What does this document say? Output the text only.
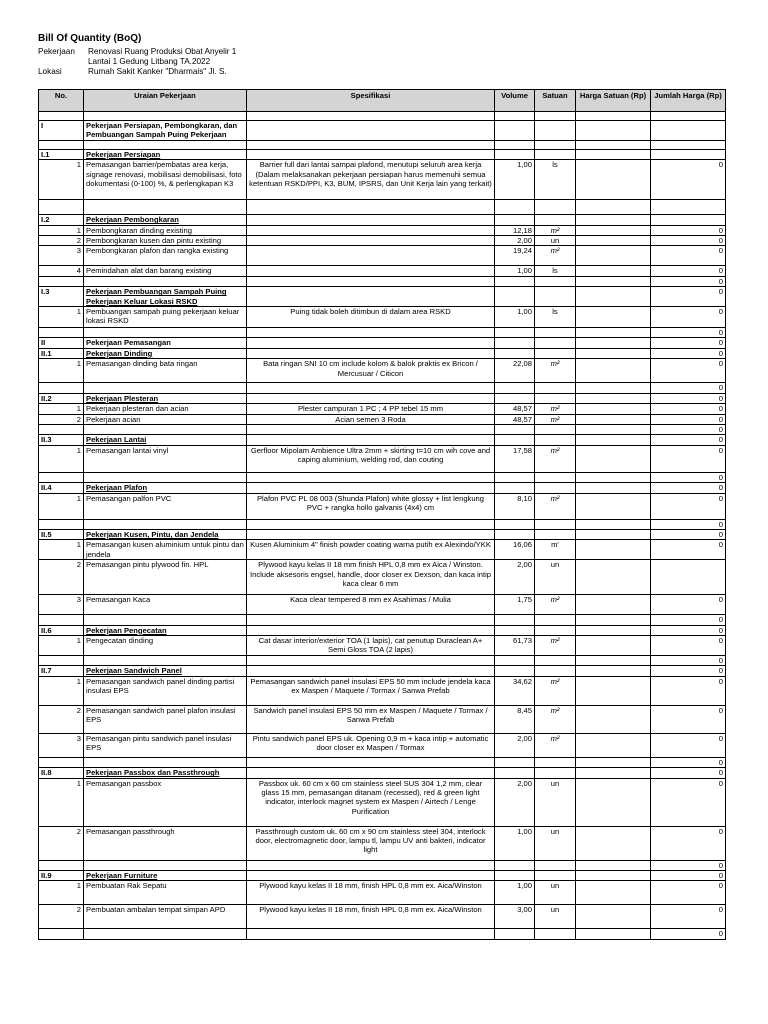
Bill Of Quantity (BoQ)
Pekerjaan	Renovasi Ruang Produksi Obat Anyelir 1
Lantai 1 Gedung Litbang TA.2022
Lokasi	Rumah Sakit Kanker "Dharmais" Jl. S.
No.	Uraian Pekerjaan	Spesifikasi	Volume	Satuan	Harga Satuan (Rp)	Jumlah Harga (Rp)

I	Pekerjaan Persiapan, Pembongkaran, dan Pembuangan Sampah Puing Pekerjaan					

I.1	Pekerjaan Persiapan					
1	Pemasangan barrier/pembatas area kerja, signage renovasi, mobilisasi demobilisasi, foto dokumentasi (0-100) %, & perlengkapan K3	Barrier full dari lantai sampai plafond, menutupi seluruh area kerja (Dalam melaksanakan pekerjaan persiapan harus memenuhi semua ketentuan RSKD/PPI, K3, BUM, IPSRS, dan Unit Kerja lain yang terkait)	1,00	ls		0

I.2	Pekerjaan Pembongkaran					
1	Pembongkaran dinding existing		12,18	m²		0
2	Pembongkaran kusen dan pintu existing		2,00	un		0
3	Pembongkaran plafon dan rangka existing		19,24	m²		0
4	Pemindahan alat dan barang existing		1,00	ls		0
						0
I.3	Pekerjaan Pembuangan Sampah Puing Pekerjaan Keluar Lokasi RSKD					0
1	Pembuangan sampah puing pekerjaan keluar lokasi RSKD	Puing tidak boleh ditimbun di dalam area RSKD	1,00	ls		0
						0
II	Pekerjaan Pemasangan					0
II.1	Pekerjaan Dinding					0
1	Pemasangan dinding bata ringan	Bata ringan SNI 10 cm include kolom & balok praktis ex Bricon / Mercusuar / Citicon	22,08	m²		0
						0
II.2	Pekerjaan Plesteran					0
1	Pekerjaan plesteran dan acian	Plester campuran 1 PC ; 4 PP tebel 15 mm	48,57	m²		0
2	Pekerjaan acian	Acian semen 3 Roda	48,57	m²		0
						0
II.3	Pekerjaan Lantai					0
1	Pemasangan lantai vinyl	Gerfloor Mipolam Ambience Ultra 2mm + skirting t=10 cm wih cove and caping aluminium, welding rod, dan couting	17,58	m²		0
						0
II.4	Pekerjaan Plafon					0
1	Pemasangan palfon PVC	Plafon PVC PL 08 003 (Shunda Plafon) white glossy + list lengkung PVC + rangka hollo galvanis (4x4) cm	8,10	m²		0
						0
II.5	Pekerjaan Kusen, Pintu, dan Jendela					0
1	Pemasangan kusen aluminium untuk pintu dan jendela	Kusen Aluminium 4" finish powder coating warna putih ex Alexindo/YKK	16,06	m'		0
2	Pemasangan pintu plywood fin. HPL	Plywood kayu kelas II 18 mm finish HPL 0,8 mm ex Aica / Winston. Include aksesoris engsel, handle, door closer ex Dexson, dan kaca intip kaca clear 6 mm	2,00	un		
3	Pemasangan Kaca	Kaca clear tempered 8 mm ex Asahimas / Mulia	1,75	m²		0
						0
II.6	Pekerjaan Pengecatan					0
1	Pengecatan dinding	Cat dasar interior/exterior TOA (1 lapis), cat penutup Duraclean A+ Semi Gloss TOA (2 lapis)	61,73	m²		0
						0
II.7	Pekerjaan Sandwich Panel					0
1	Pemasangan sandwich panel dinding partisi insulasi EPS	Pemasangan sandwich panel insulasi EPS 50 mm include jendela kaca ex Maspen / Maquete / Tormax / Sanwa Prefab	34,62	m²		0
2	Pemasangan sandwich panel plafon insulasi EPS	Sandwich panel insulasi EPS 50 mm ex Maspen / Maquete / Tormax / Sanwa Prefab	8,45	m²		0
3	Pemasangan pintu sandwich panel insulasi EPS	Pintu sandwich panel EPS uk. Opening 0,9 m + kaca intip + automatic door closer ex Maspen / Tormax	2,00	m²		0
						0
II.8	Pekerjaan Passbox dan Passthrough					0
1	Pemasangan passbox	Passbox uk. 60 cm x 60 cm stainless steel SUS 304 1,2 mm, clear glass 15 mm, pemasangan ditanam (recessed), red & green light indicator, interlock magnet system ex Maspen / Airtech / Lenge Purification	2,00	un		0
2	Pemasangan passthrough	Passthrough custom uk. 60 cm x 90 cm stainless steel 304, interlock door, electromagnetic door, lampu tl, lampu UV anti bakteri, indicator light	1,00	un		0
						0
II.9	Pekerjaan Furniture					0
1	Pembuatan Rak Sepatu	Plywood kayu kelas II 18 mm, finish HPL 0,8 mm ex. Aica/Winston	1,00	un		0
2	Pembuatan ambalan tempat simpan APD	Plywood kayu kelas II 18 mm, finish HPL 0,8 mm ex. Aica/Winston	3,00	un		0
						0
